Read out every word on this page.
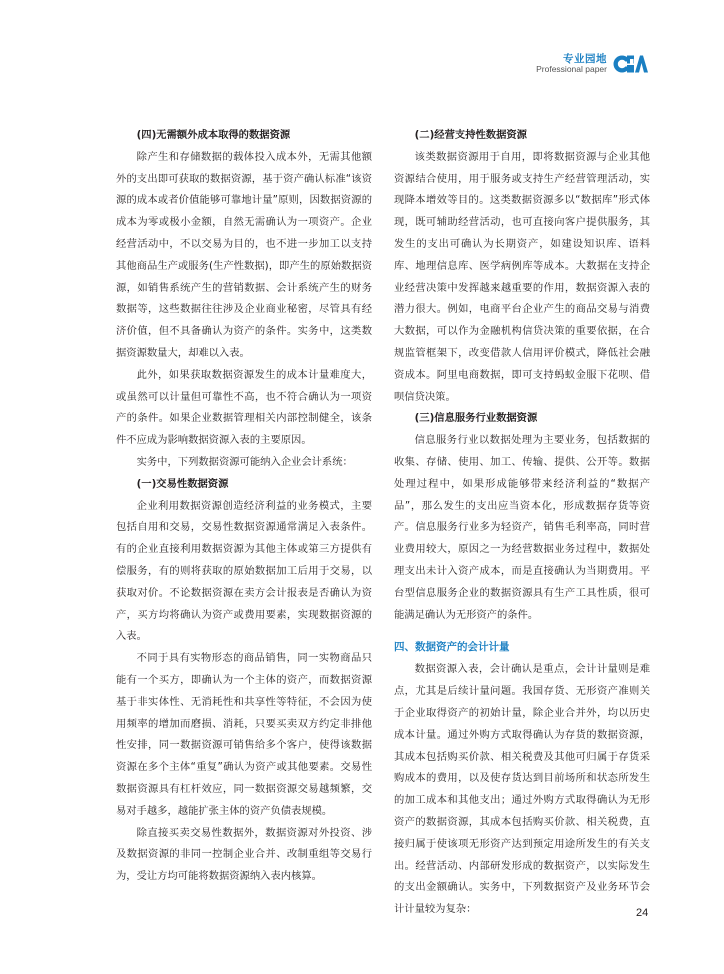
专业园地
Professional paper
(四)无需额外成本取得的数据资源

除产生和存储数据的载体投入成本外，无需其他额外的支出即可获取的数据资源，基于资产确认标准“该资源的成本或者价值能够可靠地计量”原则，因数据资源的成本为零或极小金额，自然无需确认为一项资产。企业经营活动中，不以交易为目的，也不进一步加工以支持其他商品生产或服务(生产性数据)，即产生的原始数据资源，如销售系统产生的营销数据、会计系统产生的财务数据等，这些数据往往涉及企业商业秘密，尽管具有经济价值，但不具备确认为资产的条件。实务中，这类数据资源数量大，却难以入表。

此外，如果获取数据资源发生的成本计量难度大，或虽然可以计量但可靠性不高，也不符合确认为一项资产的条件。如果企业数据管理相关内部控制健全，该条件不应成为影响数据资源入表的主要原因。

实务中，下列数据资源可能纳入企业会计系统：

(一)交易性数据资源

企业利用数据资源创造经济利益的业务模式，主要包括自用和交易，交易性数据资源通常满足入表条件。有的企业直接利用数据资源为其他主体或第三方提供有偿服务，有的则将获取的原始数据加工后用于交易，以获取对价。不论数据资源在卖方会计报表是否确认为资产，买方均将确认为资产或费用要素，实现数据资源的入表。

不同于具有实物形态的商品销售，同一实物商品只能有一个买方，即确认为一个主体的资产，而数据资源基于非实体性、无消耗性和共享性等特征，不会因为使用频率的增加而磨损、消耗，只要买卖双方约定非排他性安排，同一数据资源可销售给多个客户，使得该数据资源在多个主体“重复”确认为资产或其他要素。交易性数据资源具有杠杆效应，同一数据资源交易越频繁，交易对手越多，越能扩张主体的资产负债表规模。

除直接买卖交易性数据外，数据资源对外投资、涉及数据资源的非同一控制企业合并、改制重组等交易行为，受让方均可能将数据资源纳入表内核算。

(二)经营支持性数据资源

该类数据资源用于自用，即将数据资源与企业其他资源结合使用，用于服务或支持生产经营管理活动，实现降本增效等目的。这类数据资源多以“数据库”形式体现，既可辅助经营活动，也可直接向客户提供服务，其发生的支出可确认为长期资产，如建设知识库、语料库、地理信息库、医学病例库等成本。大数据在支持企业经营决策中发挥越来越重要的作用，数据资源入表的潜力很大。例如，电商平台企业产生的商品交易与消费大数据，可以作为金融机构信贷决策的重要依据，在合规监管框架下，改变借款人信用评价模式，降低社会融资成本。阿里电商数据，即可支持蚂蚁金服下花呗、借呗信贷决策。

(三)信息服务行业数据资源

信息服务行业以数据处理为主要业务，包括数据的收集、存储、使用、加工、传输、提供、公开等。数据处理过程中，如果形成能够带来经济利益的“数据产品”，那么发生的支出应当资本化，形成数据存货等资产。信息服务行业多为轻资产，销售毛利率高，同时营业费用较大，原因之一为经营数据业务过程中，数据处理支出未计入资产成本，而是直接确认为当期费用。平台型信息服务企业的数据资源具有生产工具性质，很可能满足确认为无形资产的条件。

四、数据资产的会计计量

数据资源入表，会计确认是重点，会计计量则是难点，尤其是后续计量问题。我国存货、无形资产准则关于企业取得资产的初始计量，除企业合并外，均以历史成本计量。通过外购方式取得确认为存货的数据资源，其成本包括购买价款、相关税费及其他可归属于存货采购成本的费用，以及使存货达到目前场所和状态所发生的加工成本和其他支出；通过外购方式取得确认为无形资产的数据资源，其成本包括购买价款、相关税费，直接归属于使该项无形资产达到预定用途所发生的有关支出。经营活动、内部研发形成的数据资产，以实际发生的支出金额确认。实务中，下列数据资产及业务环节会计计量较为复杂：	24
